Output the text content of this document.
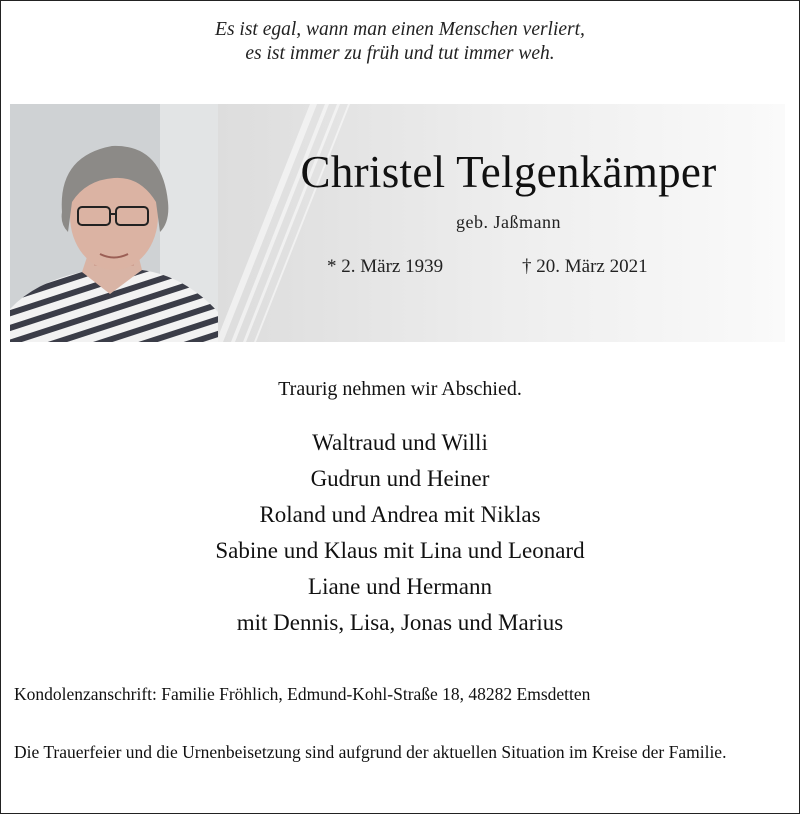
Es ist egal, wann man einen Menschen verliert,
es ist immer zu früh und tut immer weh.
Christel Telgenkämper
geb. Jaßmann
* 2. März 1939	† 20. März 2021
Traurig nehmen wir Abschied.
Waltraud und Willi
Gudrun und Heiner
Roland und Andrea mit Niklas
Sabine und Klaus mit Lina und Leonard
Liane und Hermann
mit Dennis, Lisa, Jonas und Marius
Kondolenzanschrift: Familie Fröhlich, Edmund-Kohl-Straße 18, 48282 Emsdetten
Die Trauerfeier und die Urnenbeisetzung sind aufgrund der aktuellen Situation im Kreise der Familie.
